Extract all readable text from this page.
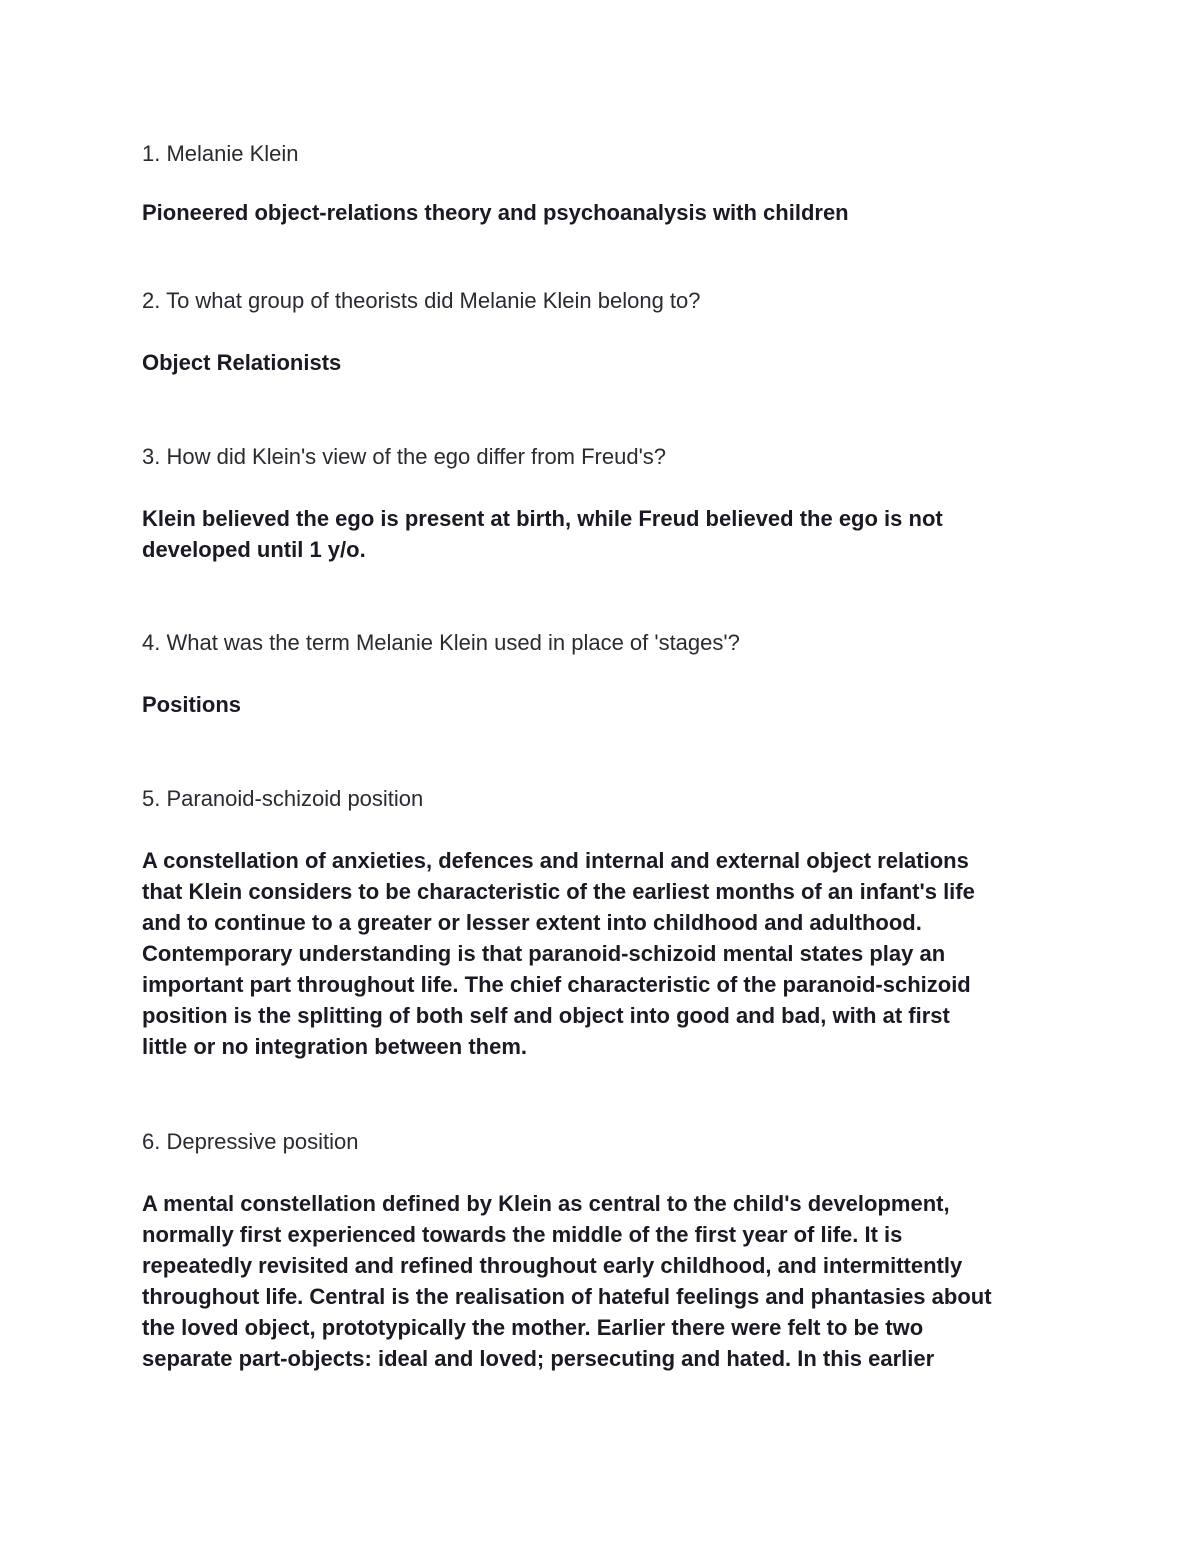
1. Melanie Klein
Pioneered object-relations theory and psychoanalysis with children
2. To what group of theorists did Melanie Klein belong to?
Object Relationists
3. How did Klein's view of the ego differ from Freud's?
Klein believed the ego is present at birth, while Freud believed the ego is not
developed until 1 y/o.
4. What was the term Melanie Klein used in place of 'stages'?
Positions
5. Paranoid-schizoid position
A constellation of anxieties, defences and internal and external object relations
that Klein considers to be characteristic of the earliest months of an infant's life
and to continue to a greater or lesser extent into childhood and adulthood.
Contemporary understanding is that paranoid-schizoid mental states play an
important part throughout life. The chief characteristic of the paranoid-schizoid
position is the splitting of both self and object into good and bad, with at first
little or no integration between them.
6. Depressive position
A mental constellation defined by Klein as central to the child's development,
normally first experienced towards the middle of the first year of life. It is
repeatedly revisited and refined throughout early childhood, and intermittently
throughout life. Central is the realisation of hateful feelings and phantasies about
the loved object, prototypically the mother. Earlier there were felt to be two
separate part-objects: ideal and loved; persecuting and hated. In this earlier
